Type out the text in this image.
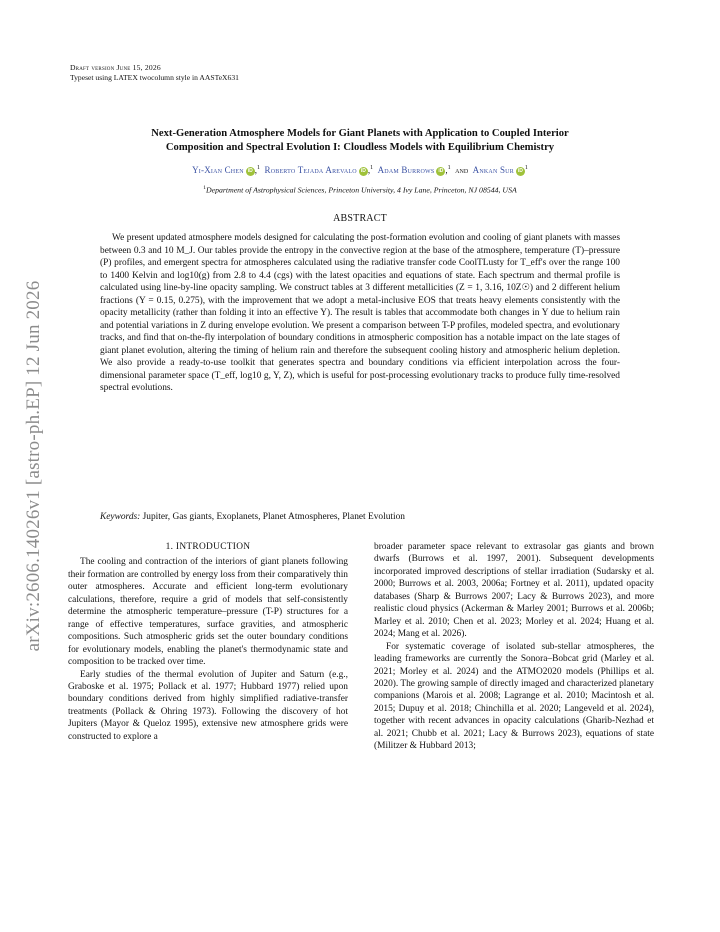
arXiv:2606.14026v1 [astro-ph.EP] 12 Jun 2026
Draft version June 15, 2026
Typeset using LATEX twocolumn style in AASTeX631
Next-Generation Atmosphere Models for Giant Planets with Application to Coupled Interior
Composition and Spectral Evolution I: Cloudless Models with Equilibrium Chemistry
Yi-Xian Chen iD ,$^1$ Roberto Tejada Arevalo iD ,$^1$ Adam Burrows iD ,$^1$ and Ankan Sur iD $^1$
$^1$Department of Astrophysical Sciences, Princeton University, 4 Ivy Lane, Princeton, NJ 08544, USA
ABSTRACT
We present updated atmosphere models designed for calculating the post-formation evolution and cooling of giant planets with masses between 0.3 and 10 M_J. Our tables provide the entropy in the convective region at the base of the atmosphere, temperature (T)–pressure (P) profiles, and emergent spectra for atmospheres calculated using the radiative transfer code CoolTLusty for T_eff's over the range 100 to 1400 Kelvin and log10(g) from 2.8 to 4.4 (cgs) with the latest opacities and equations of state. Each spectrum and thermal profile is calculated using line-by-line opacity sampling. We construct tables at 3 different metallicities (Z = 1, 3.16, 10Z☉) and 2 different helium fractions (Y = 0.15, 0.275), with the improvement that we adopt a metal-inclusive EOS that treats heavy elements consistently with the opacity metallicity (rather than folding it into an effective Y). The result is tables that accommodate both changes in Y due to helium rain and potential variations in Z during envelope evolution. We present a comparison between T-P profiles, modeled spectra, and evolutionary tracks, and find that on-the-fly interpolation of boundary conditions in atmospheric composition has a notable impact on the late stages of giant planet evolution, altering the timing of helium rain and therefore the subsequent cooling history and atmospheric helium depletion. We also provide a ready-to-use toolkit that generates spectra and boundary conditions via efficient interpolation across the four-dimensional parameter space (T_eff, log10 g, Y, Z), which is useful for post-processing evolutionary tracks to produce fully time-resolved spectral evolutions.
Keywords: Jupiter, Gas giants, Exoplanets, Planet Atmospheres, Planet Evolution
1. INTRODUCTION

The cooling and contraction of the interiors of giant planets following their formation are controlled by energy loss from their comparatively thin outer atmospheres. Accurate and efficient long-term evolutionary calculations, therefore, require a grid of models that self-consistently determine the atmospheric temperature–pressure (T-P) structures for a range of effective temperatures, surface gravities, and atmospheric compositions. Such atmospheric grids set the outer boundary conditions for evolutionary models, enabling the planet's thermodynamic state and composition to be tracked over time.

Early studies of the thermal evolution of Jupiter and Saturn (e.g., Graboske et al. 1975; Pollack et al. 1977; Hubbard 1977) relied upon boundary conditions derived from highly simplified radiative-transfer treatments (Pollack & Ohring 1973). Following the discovery of hot Jupiters (Mayor & Queloz 1995), extensive new atmosphere grids were constructed to explore a

broader parameter space relevant to extrasolar gas giants and brown dwarfs (Burrows et al. 1997, 2001). Subsequent developments incorporated improved descriptions of stellar irradiation (Sudarsky et al. 2000; Burrows et al. 2003, 2006a; Fortney et al. 2011), updated opacity databases (Sharp & Burrows 2007; Lacy & Burrows 2023), and more realistic cloud physics (Ackerman & Marley 2001; Burrows et al. 2006b; Marley et al. 2010; Chen et al. 2023; Morley et al. 2024; Huang et al. 2024; Mang et al. 2026).

For systematic coverage of isolated sub-stellar atmospheres, the leading frameworks are currently the Sonora–Bobcat grid (Marley et al. 2021; Morley et al. 2024) and the ATMO2020 models (Phillips et al. 2020). The growing sample of directly imaged and characterized planetary companions (Marois et al. 2008; Lagrange et al. 2010; Macintosh et al. 2015; Dupuy et al. 2018; Chinchilla et al. 2020; Langeveld et al. 2024), together with recent advances in opacity calculations (Gharib-Nezhad et al. 2021; Chubb et al. 2021; Lacy & Burrows 2023), equations of state (Militzer & Hubbard 2013;
